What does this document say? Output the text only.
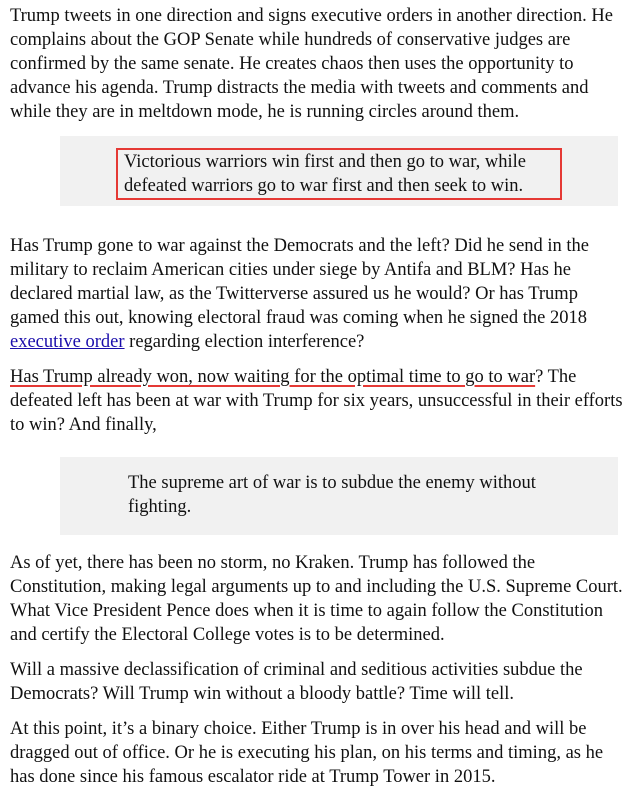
Trump tweets in one direction and signs executive orders in another direction. He complains about the GOP Senate while hundreds of conservative judges are confirmed by the same senate. He creates chaos then uses the opportunity to advance his agenda. Trump distracts the media with tweets and comments and while they are in meltdown mode, he is running circles around them.

Victorious warriors win first and then go to war, while defeated warriors go to war first and then seek to win.

Has Trump gone to war against the Democrats and the left? Did he send in the military to reclaim American cities under siege by Antifa and BLM? Has he declared martial law, as the Twitterverse assured us he would? Or has Trump gamed this out, knowing electoral fraud was coming when he signed the 2018 executive order regarding election interference?

Has Trump already won, now waiting for the optimal time to go to war? The defeated left has been at war with Trump for six years, unsuccessful in their efforts to win? And finally,

The supreme art of war is to subdue the enemy without fighting.

As of yet, there has been no storm, no Kraken. Trump has followed the Constitution, making legal arguments up to and including the U.S. Supreme Court. What Vice President Pence does when it is time to again follow the Constitution and certify the Electoral College votes is to be determined.

Will a massive declassification of criminal and seditious activities subdue the Democrats? Will Trump win without a bloody battle? Time will tell.

At this point, it’s a binary choice. Either Trump is in over his head and will be dragged out of office. Or he is executing his plan, on his terms and timing, as he has done since his famous escalator ride at Trump Tower in 2015.
